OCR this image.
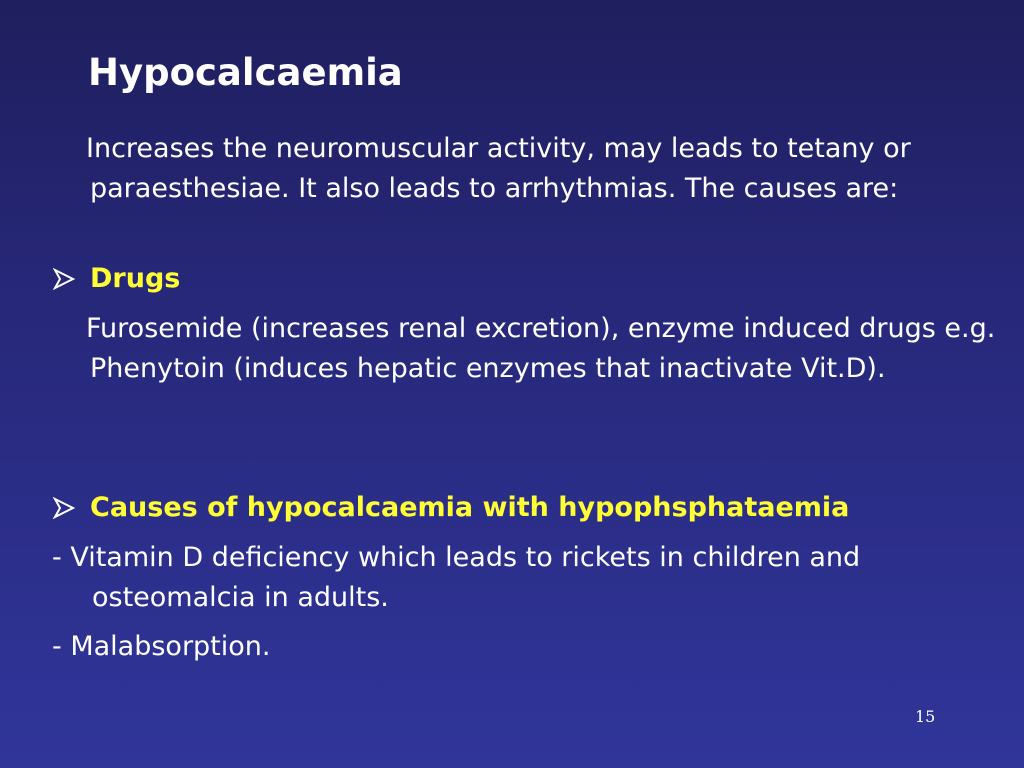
Hypocalcaemia

Increases the neuromuscular activity, may leads to tetany or paraesthesiae. It also leads to arrhythmias. The causes are:

Drugs

Furosemide (increases renal excretion), enzyme induced drugs e.g. Phenytoin (induces hepatic enzymes that inactivate Vit.D).

Causes of hypocalcaemia with hypophsphataemia
- Vitamin D deficiency which leads to rickets in children and osteomalcia in adults.
- Malabsorption.
15
